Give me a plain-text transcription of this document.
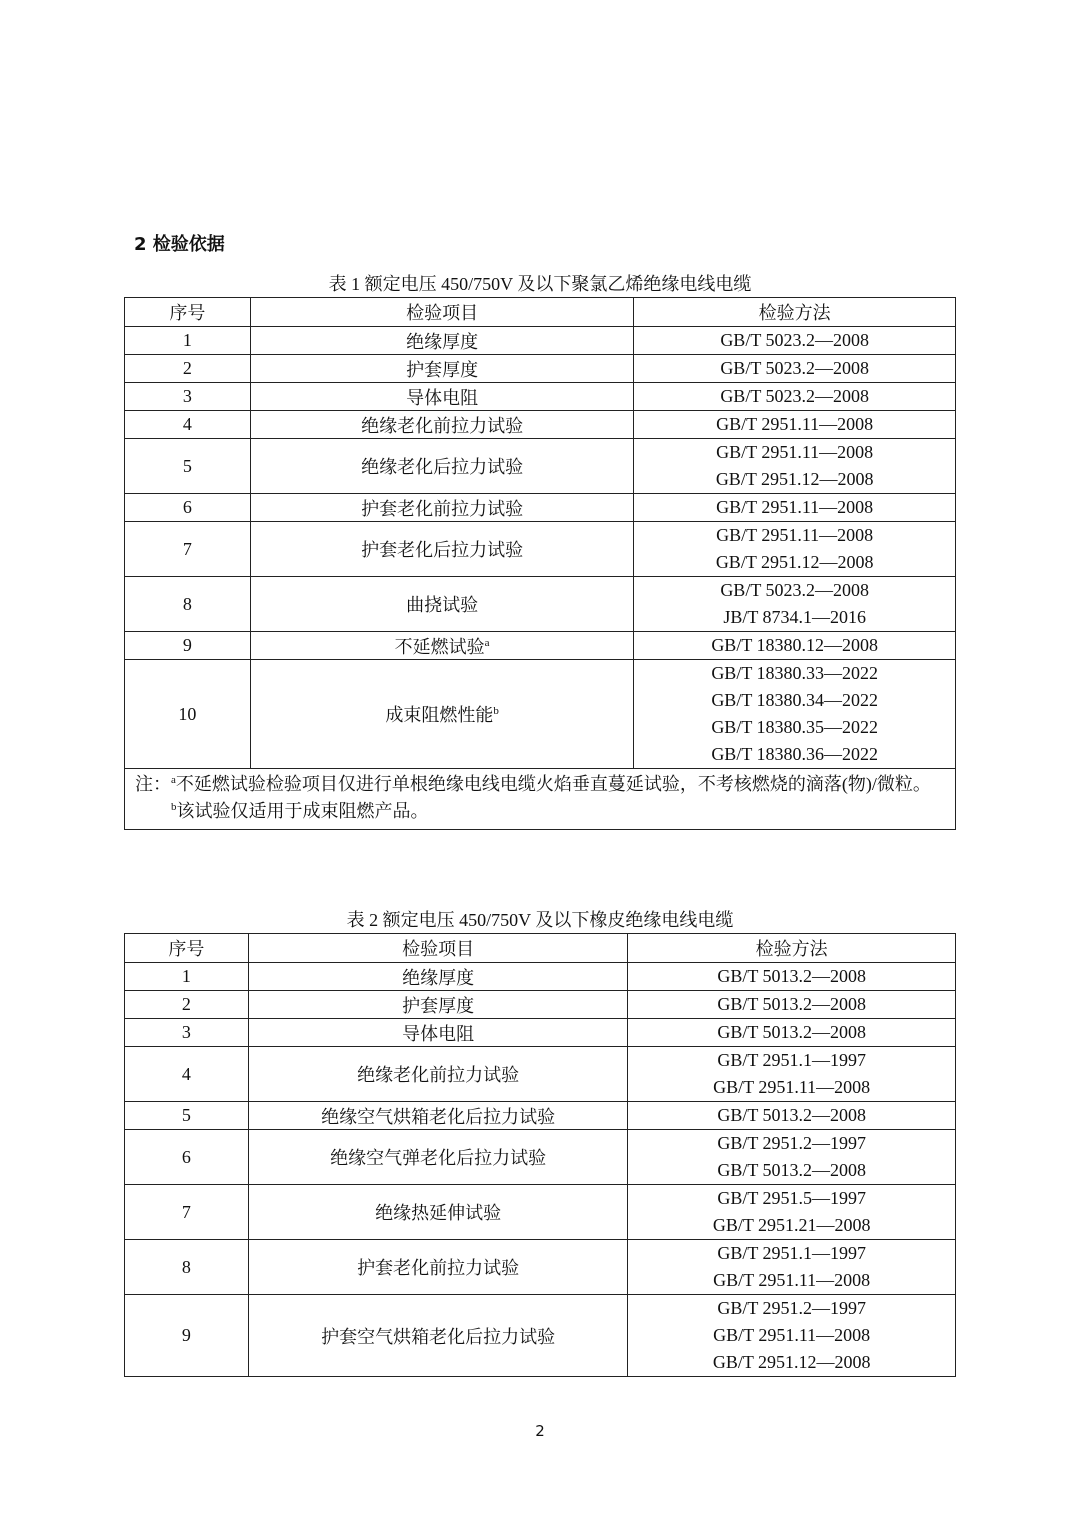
2 检验依据
表 1 额定电压 450/750V 及以下聚氯乙烯绝缘电线电缆
序号	检验项目	检验方法
1	绝缘厚度	GB/T 5023.2—2008

2	护套厚度	GB/T 5023.2—2008

3	导体电阻	GB/T 5023.2—2008

4	绝缘老化前拉力试验	GB/T 2951.11—2008

5	绝缘老化后拉力试验	GB/T 2951.11—2008
GB/T 2951.12—2008

6	护套老化前拉力试验	GB/T 2951.11—2008

7	护套老化后拉力试验	GB/T 2951.11—2008
GB/T 2951.12—2008

8	曲挠试验	GB/T 5023.2—2008
JB/T 8734.1—2016

9	不延燃试验$^a$	GB/T 18380.12—2008

10	成束阻燃性能$^b$	GB/T 18380.33—2022
GB/T 18380.34—2022
GB/T 18380.35—2022
GB/T 18380.36—2022

注：$^a$不延燃试验检验项目仅进行单根绝缘电线电缆火焰垂直蔓延试验，不考核燃烧的滴落(物)/微粒。
$^b$该试验仅适用于成束阻燃产品。		
表 2 额定电压 450/750V 及以下橡皮绝缘电线电缆
序号	检验项目	检验方法
1	绝缘厚度	GB/T 5013.2—2008

2	护套厚度	GB/T 5013.2—2008

3	导体电阻	GB/T 5013.2—2008

4	绝缘老化前拉力试验	GB/T 2951.1—1997
GB/T 2951.11—2008

5	绝缘空气烘箱老化后拉力试验	GB/T 5013.2—2008

6	绝缘空气弹老化后拉力试验	GB/T 2951.2—1997
GB/T 5013.2—2008

7	绝缘热延伸试验	GB/T 2951.5—1997
GB/T 2951.21—2008

8	护套老化前拉力试验	GB/T 2951.1—1997
GB/T 2951.11—2008

9	护套空气烘箱老化后拉力试验	GB/T 2951.2—1997
GB/T 2951.11—2008
GB/T 2951.12—2008
2
